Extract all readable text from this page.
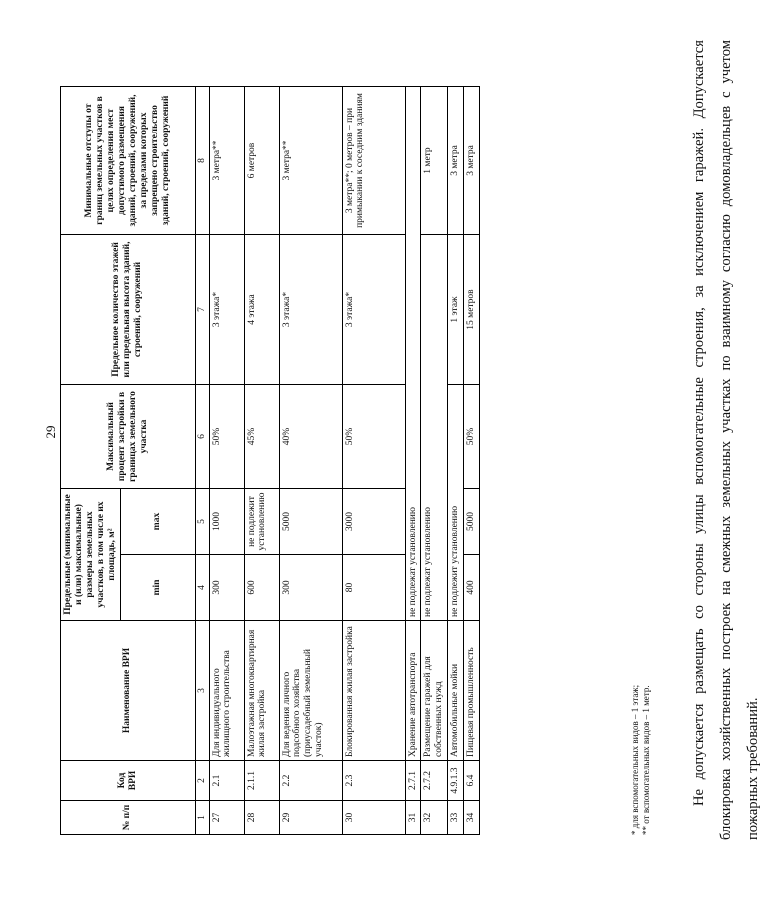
29
№ п/п	Код ВРИ	Наименование ВРИ	Предельные (минимальные и (или) максимальные) размеры земельных участков, в том числе их площадь, м²		Максимальный процент застройки в границах земельного участка	Предельное количество этажей или предельная высота зданий, строений, сооружений	Минимальные отступы от границ земельных участков в целях определения мест допустимого размещения зданий, строений, сооружений, за пределами которых запрещено строительство зданий, строений, сооружений
			min	max			
1	2	3	4	5	6	7	8
27	2.1	Для индивидуального жилищного строительства	300	1000	50%	3 этажа*	3 метра**
28	2.1.1	Малоэтажная многоквартирная жилая застройка	600	не подлежит установлению	45%	4 этажа	6 метров
29	2.2	Для ведения личного подсобного хозяйства (приусадебный земельный участок)	300	5000	40%	3 этажа*	3 метра**
30	2.3	Блокированная жилая застройка	80	3000	50%	3 этажа*	3 метра**; 0 метров – при примыкании к соседним зданиям
31	2.7.1	Хранение автотранспорта	не подлежат установлению				
32	2.7.2	Размещение гаражей для собственных нужд	не подлежат установлению				1 метр
33	4.9.1.3	Автомобильные мойки	не подлежит установлению			1 этаж	3 метра
34	6.4	Пищевая промышленность	400	5000	50%	15 метров	3 метра
* для вспомогательных видов – 1 этаж; ** от вспомогательных видов – 1 метр.	Не допускается размещать со стороны улицы вспомогательные строения, за исключением гаражей. Допускается блокировка хозяйственных построек на смежных земельных участках по взаимному согласию домовладельцев с учетом пожарных требований.
